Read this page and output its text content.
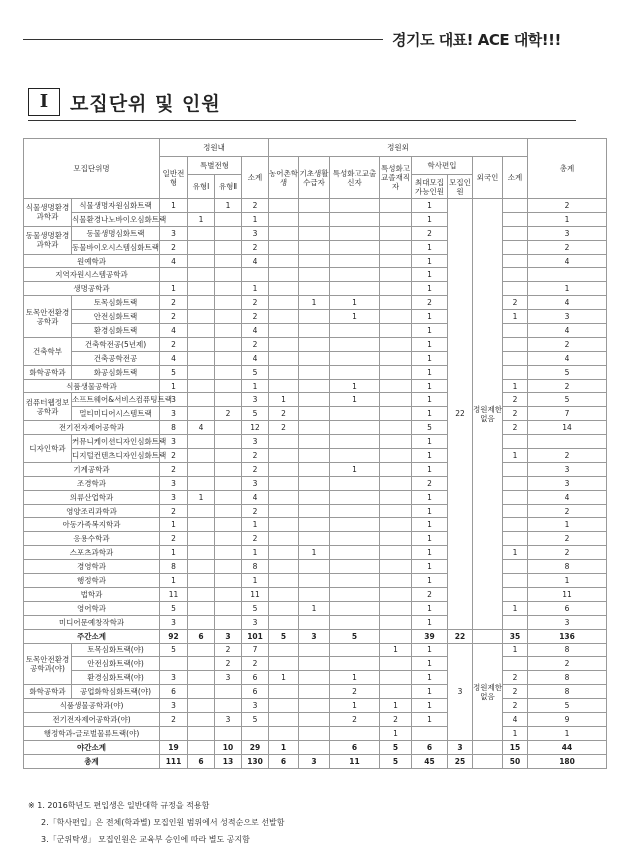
경기도 대표! ACE 대학!!!
I	모집단위 및 인원
모집단위명		정원내				정원외								총계
		일반전형	특별전형		소계	농어촌학생	기초생활수급자	특성화고교출신자	특성화고교졸재직자	학사편입		외국인	소계	
			유형Ⅰ	유형Ⅱ						최대모집가능인원	모집인원			
식물생명환경과학과	식물생명자원심화트랙	1		1	2					1	22	정원제한없음		2
	식물환경나노바이오심화트랙		1		1					1				1
동물생명환경과학과	동물생명심화트랙	3			3					2				3
	동물바이오시스템심화트랙	2			2					1				2
원예학과		4			4					1				4
지역자원시스템공학과										1				
생명공학과		1			1					1				1
토목안전환경공학과	토목심화트랙	2			2		1	1		2			2	4
	안전심화트랙	2			2			1		1			1	3
	환경심화트랙	4			4					1				4
건축학부	건축학전공(5년제)	2			2					1				2
	건축공학전공	4			4					1				4
화학공학과	화공심화트랙	5			5					1				5
식품생물공학과		1			1			1		1			1	2
컴퓨터웹정보공학과	소프트웨어&서비스컴퓨팅트랙	3			3	1		1		1			2	5
	멀티미디어시스템트랙	3		2	5	2				1			2	7
전기전자제어공학과		8	4		12	2				5			2	14
디자인학과	커뮤니케이션디자인심화트랙	3			3					1				
	디지털컨텐츠디자인심화트랙	2			2					1			1	2
기계공학과		2			2			1		1				3
조경학과		3			3					2				3
의류산업학과		3	1		4					1				4
영양조리과학과		2			2					1				2
아동가족복지학과		1			1					1				1
응용수학과		2			2					1				2
스포츠과학과		1			1		1			1			1	2
경영학과		8			8					1				8
행정학과		1			1					1				1
법학과		11			11					2				11
영어학과		5			5		1			1			1	6
미디어문예창작학과		3			3					1				3
주간소계		92	6	3	101	5	3	5		39	22		35	136
토목안전환경공학과(야)	토목심화트랙(야)	5		2	7				1	1	3	정원제한없음	1	8
	안전심화트랙(야)			2	2					1				2
	환경심화트랙(야)	3		3	6	1		1		1			2	8
화학공학과	공업화학심화트랙(야)	6			6			2		1			2	8
식품생물공학과(야)		3			3			1	1	1			2	5
전기전자제어공학과(야)		2		3	5			2	2	1			4	9
행정학과-글로벌물류트랙(야)									1				1	1
야간소계		19		10	29	1		6	5	6	3		15	44
총계		111	6	13	130	6	3	11	5	45	25		50	180
※ 1. 2016학년도 편입생은 일반대학 규정을 적용함
2.「학사편입」은 전체(학과별) 모집인원 범위에서 성적순으로 선발함
3.「군위탁생」 모집인원은 교육부 승인에 따라 별도 공지함
